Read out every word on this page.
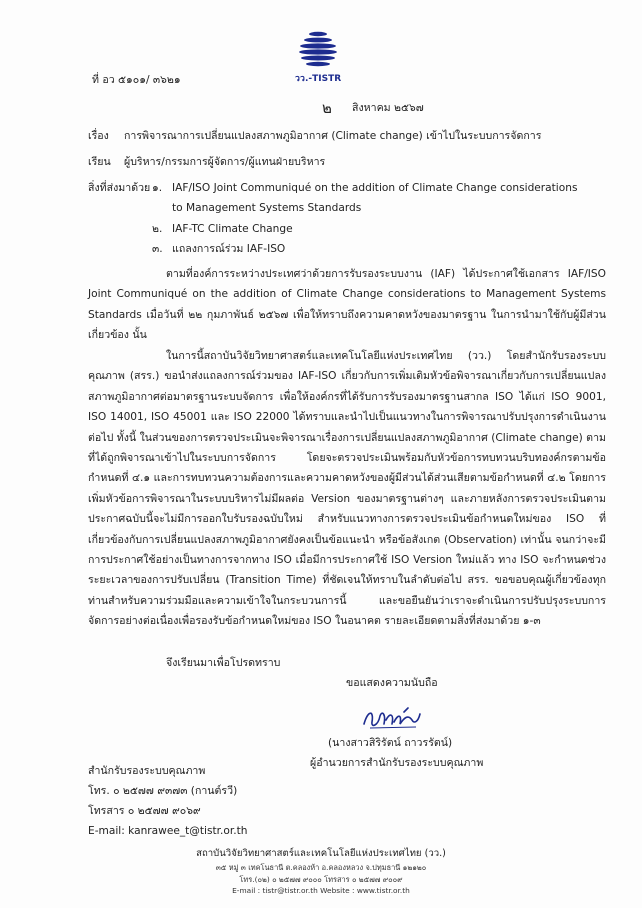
วว.-TISTR
ที่ อว ๕๑๐๑/ ๓๖๒๑
๒ สิงหาคม ๒๕๖๗
เรื่อง การพิจารณาการเปลี่ยนแปลงสภาพภูมิอากาศ (Climate change) เข้าไปในระบบการจัดการ
เรียน ผู้บริหาร/กรรมการผู้จัดการ/ผู้แทนฝ่ายบริหาร
สิ่งที่ส่งมาด้วย ๑. IAF/ISO Joint Communiqué on the addition of Climate Change considerations
to Management Systems Standards
๒. IAF-TC Climate Change
๓. แถลงการณ์ร่วม IAF-ISO
ตามที่องค์การระหว่างประเทศว่าด้วยการรับรองระบบงาน (IAF) ได้ประกาศใช้เอกสาร IAF/ISO Joint Communiqué on the addition of Climate Change considerations to Management Systems Standards เมื่อวันที่ ๒๒ กุมภาพันธ์ ๒๕๖๗ เพื่อให้ทราบถึงความคาดหวังของมาตรฐาน ในการนำมาใช้กับผู้มีส่วนเกี่ยวข้อง นั้น
ในการนี้สถาบันวิจัยวิทยาศาสตร์และเทคโนโลยีแห่งประเทศไทย (วว.) โดยสำนักรับรองระบบคุณภาพ (สรร.) ขอนำส่งแถลงการณ์ร่วมของ IAF-ISO เกี่ยวกับการเพิ่มเติมหัวข้อพิจารณาเกี่ยวกับการเปลี่ยนแปลงสภาพภูมิอากาศต่อมาตรฐานระบบจัดการ เพื่อให้องค์กรที่ได้รับการรับรองมาตรฐานสากล ISO ได้แก่ ISO 9001, ISO 14001, ISO 45001 และ ISO 22000 ได้ทราบและนำไปเป็นแนวทางในการพิจารณาปรับปรุงการดำเนินงานต่อไป ทั้งนี้ ในส่วนของการตรวจประเมินจะพิจารณาเรื่องการเปลี่ยนแปลงสภาพภูมิอากาศ (Climate change) ตามที่ได้ถูกพิจารณาเข้าไปในระบบการจัดการ โดยจะตรวจประเมินพร้อมกับหัวข้อการทบทวนบริบทองค์กรตามข้อกำหนดที่ ๔.๑ และการทบทวนความต้องการและความคาดหวังของผู้มีส่วนได้ส่วนเสียตามข้อกำหนดที่ ๔.๒ โดยการเพิ่มหัวข้อการพิจารณาในระบบบริหารไม่มีผลต่อ Version ของมาตรฐานต่างๆ และภายหลังการตรวจประเมินตามประกาศฉบับนี้จะไม่มีการออกใบรับรองฉบับใหม่ สำหรับแนวทางการตรวจประเมินข้อกำหนดใหม่ของ ISO ที่เกี่ยวข้องกับการเปลี่ยนแปลงสภาพภูมิอากาศยังคงเป็นข้อแนะนำ หรือข้อสังเกต (Observation) เท่านั้น จนกว่าจะมีการประกาศใช้อย่างเป็นทางการจากทาง ISO เมื่อมีการประกาศใช้ ISO Version ใหม่แล้ว ทาง ISO จะกำหนดช่วงระยะเวลาของการปรับเปลี่ยน (Transition Time) ที่ชัดเจนให้ทราบในลำดับต่อไป สรร. ขอขอบคุณผู้เกี่ยวข้องทุกท่านสำหรับความร่วมมือและความเข้าใจในกระบวนการนี้ และขอยืนยันว่าเราจะดำเนินการปรับปรุงระบบการจัดการอย่างต่อเนื่องเพื่อรองรับข้อกำหนดใหม่ของ ISO ในอนาคต รายละเอียดตามสิ่งที่ส่งมาด้วย ๑-๓
จึงเรียนมาเพื่อโปรดทราบ
ขอแสดงความนับถือ
(นางสาวสิริรัตน์ ถาวรรัตน์)
ผู้อำนวยการสำนักรับรองระบบคุณภาพ
สำนักรับรองระบบคุณภาพ
โทร. ๐ ๒๕๗๗ ๙๓๗๓ (กานต์รวี)
โทรสาร ๐ ๒๕๗๗ ๙๐๖๙
E-mail: kanrawee_t@tistr.or.th
สถาบันวิจัยวิทยาศาสตร์และเทคโนโลยีแห่งประเทศไทย (วว.)
๓๕ หมู่ ๓ เทคโนธานี ต.คลองห้า อ.คลองหลวง จ.ปทุมธานี ๑๒๑๒๐
โทร.(๐๒) ๐ ๒๕๗๗ ๙๐๐๐ โทรสาร ๐ ๒๕๗๗ ๙๐๐๙
E-mail : tistr@tistr.or.th Website : www.tistr.or.th
